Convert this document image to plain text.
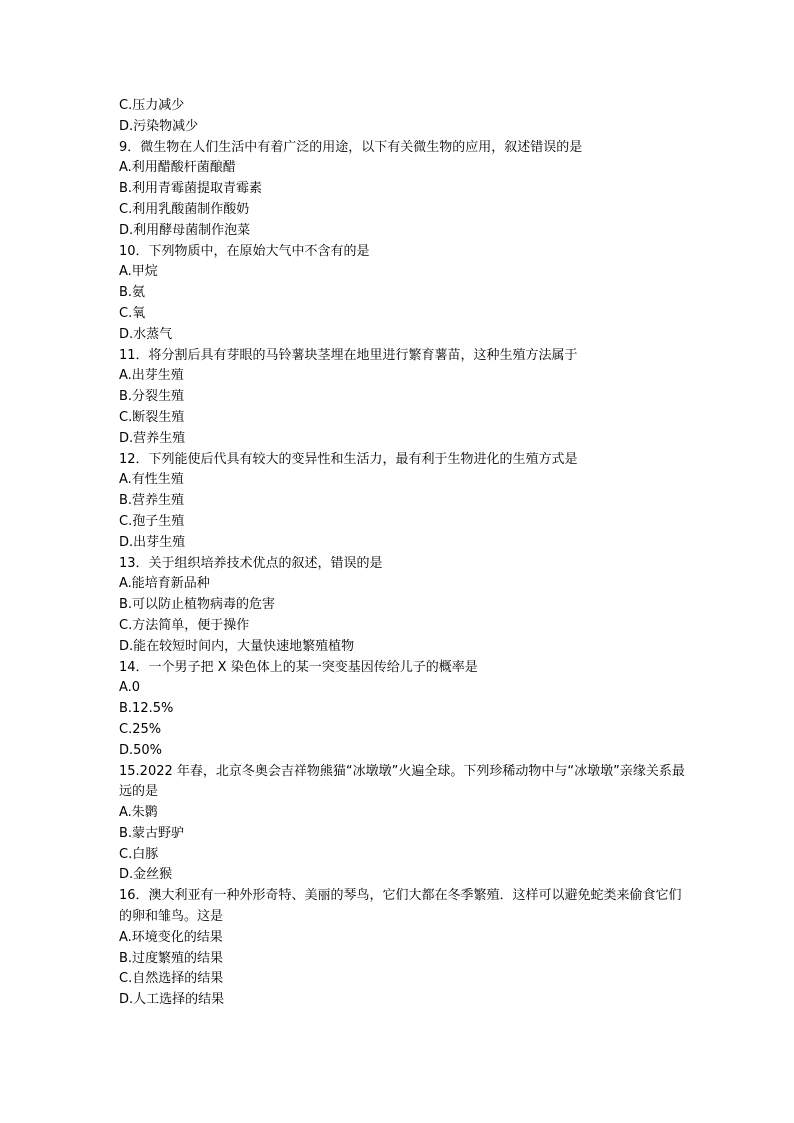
C.压力减少
D.污染物减少
9．微生物在人们生活中有着广泛的用途，以下有关微生物的应用，叙述错误的是
A.利用醋酸杆菌酿醋
B.利用青霉菌提取青霉素
C.利用乳酸菌制作酸奶
D.利用酵母菌制作泡菜
10．下列物质中，在原始大气中不含有的是
A.甲烷
B.氨
C.氧
D.水蒸气
11．将分割后具有芽眼的马铃薯块茎埋在地里进行繁育薯苗，这种生殖方法属于
A.出芽生殖
B.分裂生殖
C.断裂生殖
D.营养生殖
12．下列能使后代具有较大的变异性和生活力，最有利于生物进化的生殖方式是
A.有性生殖
B.营养生殖
C.孢子生殖
D.出芽生殖
13．关于组织培养技术优点的叙述，错误的是
A.能培育新品种
B.可以防止植物病毒的危害
C.方法简单，便于操作
D.能在较短时间内，大量快速地繁殖植物
14．一个男子把 X 染色体上的某一突变基因传给儿子的概率是
A.0
B.12.5%
C.25%
D.50%
15.2022 年春，北京冬奥会吉祥物熊猫“冰墩墩”火遍全球。下列珍稀动物中与“冰墩墩”亲缘关系最远的是
A.朱鹮
B.蒙古野驴
C.白豚
D.金丝猴
16．澳大利亚有一种外形奇特、美丽的琴鸟，它们大都在冬季繁殖．这样可以避免蛇类来偷食它们的卵和雏鸟。这是
A.环境变化的结果
B.过度繁殖的结果
C.自然选择的结果
D.人工选择的结果
